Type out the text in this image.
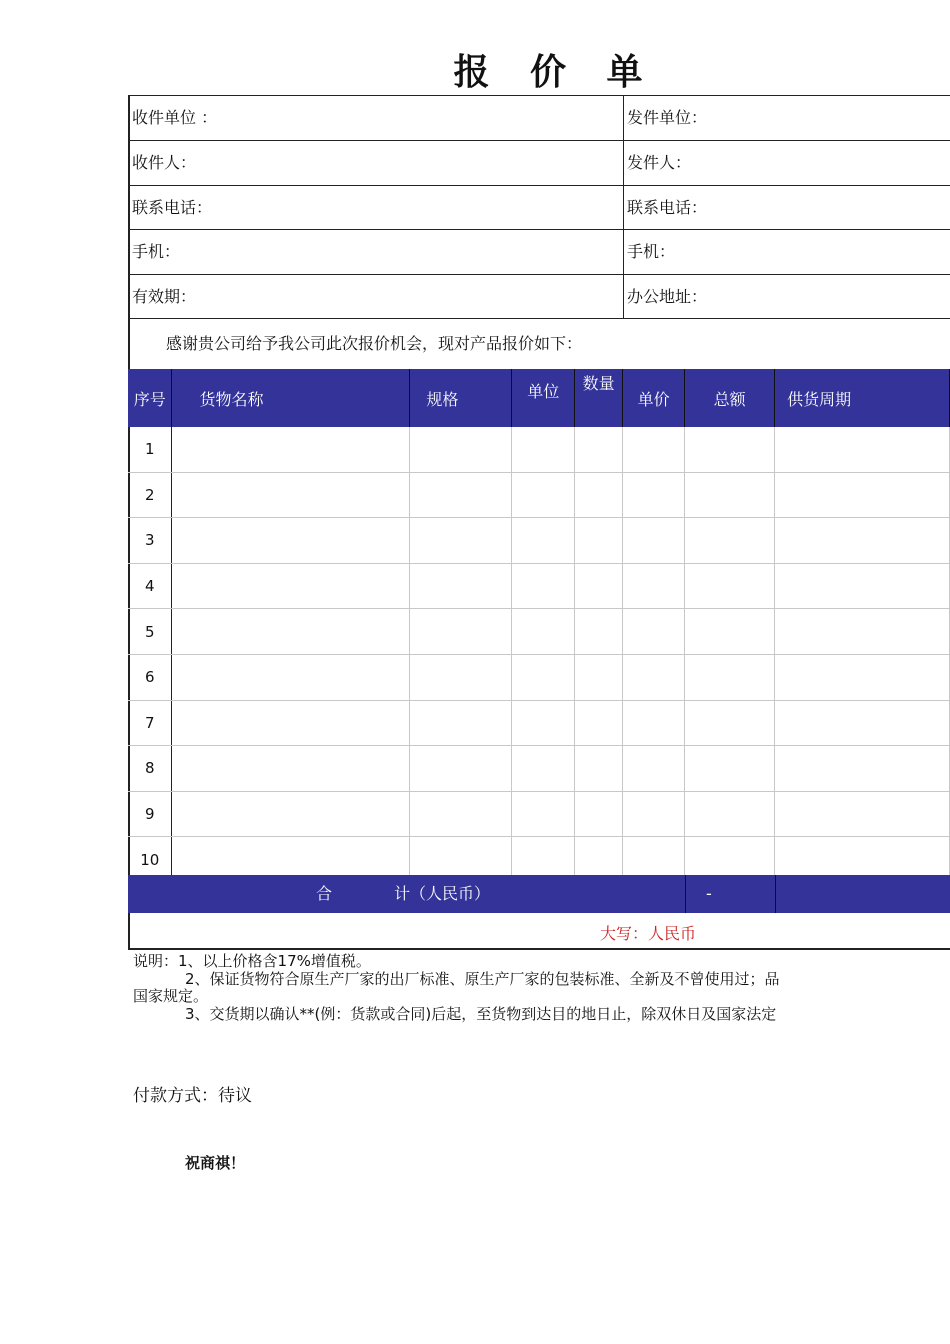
报 价 单
收件单位 ：	发件单位：
收件人：	发件人：
联系电话：	联系电话：
手机：	手机：
有效期：	办公地址：
感谢贵公司给予我公司此次报价机会，现对产品报价如下：
序号	货物名称	规格	单位	数量	单价	总额	供货周期
1							
2							
3							
4							
5							
6							
7							
8							
9							
10							
合	计（人民币）	-
大写：人民币
说明：1、以上价格含17%增值税。
2、保证货物符合原生产厂家的出厂标准、原生产厂家的包装标准、全新及不曾使用过；品
国家规定。
3、交货期以确认**(例：货款或合同)后起，至货物到达目的地日止，除双休日及国家法定
付款方式：待议
祝商祺！
